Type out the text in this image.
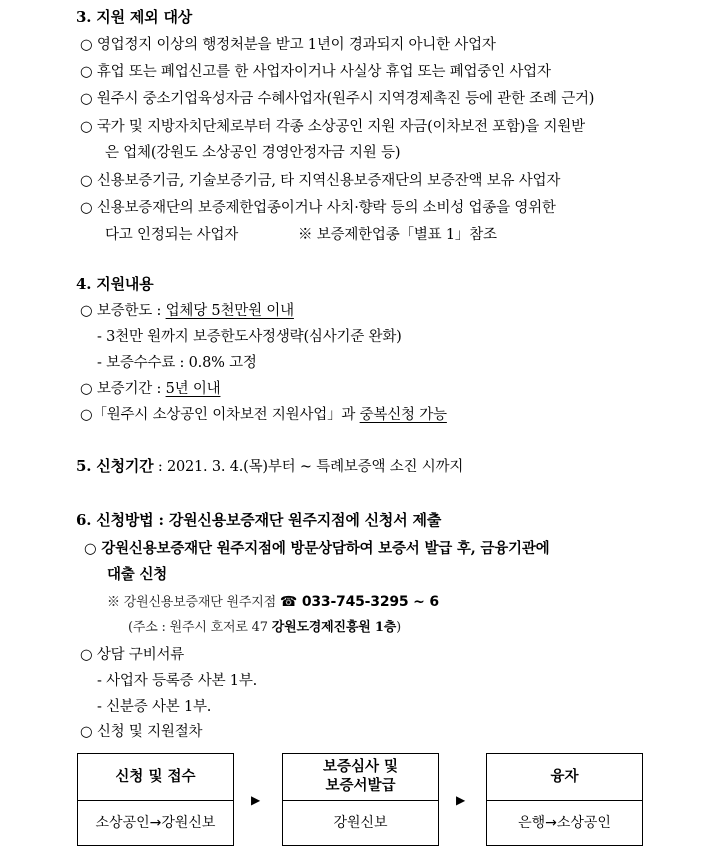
3. 지원 제외 대상
○ 영업정지 이상의 행정처분을 받고 1년이 경과되지 아니한 사업자
○ 휴업 또는 폐업신고를 한 사업자이거나 사실상 휴업 또는 폐업중인 사업자
○ 원주시 중소기업육성자금 수혜사업자(원주시 지역경제촉진 등에 관한 조례 근거)
○ 국가 및 지방자치단체로부터 각종 소상공인 지원 자금(이차보전 포함)을 지원받
은 업체(강원도 소상공인 경영안정자금 지원 등)
○ 신용보증기금, 기술보증기금, 타 지역신용보증재단의 보증잔액 보유 사업자
○ 신용보증재단의 보증제한업종이거나 사치·향락 등의 소비성 업종을 영위한
다고 인정되는 사업자	※ 보증제한업종「별표 1」참조
4. 지원내용
○ 보증한도 : 업체당 5천만원 이내
- 3천만 원까지 보증한도사정생략(심사기준 완화)
- 보증수수료 : 0.8% 고정
○ 보증기간 : 5년 이내
○「원주시 소상공인 이차보전 지원사업」과 중복신청 가능
5. 신청기간 : 2021. 3. 4.(목)부터 ~ 특례보증액 소진 시까지
6. 신청방법 : 강원신용보증재단 원주지점에 신청서 제출
○ 강원신용보증재단 원주지점에 방문상담하여 보증서 발급 후, 금융기관에
대출 신청
※ 강원신용보증재단 원주지점 ☎ 033-745-3295 ~ 6
(주소 : 원주시 호저로 47 강원도경제진흥원 1층)
○ 상담 구비서류
- 사업자 등록증 사본 1부.
- 신분증 사본 1부.
○ 신청 및 지원절차
신청 및 접수
소상공인→강원신보
▶
보증심사 및
보증서발급
강원신보
▶
융자
은행→소상공인
